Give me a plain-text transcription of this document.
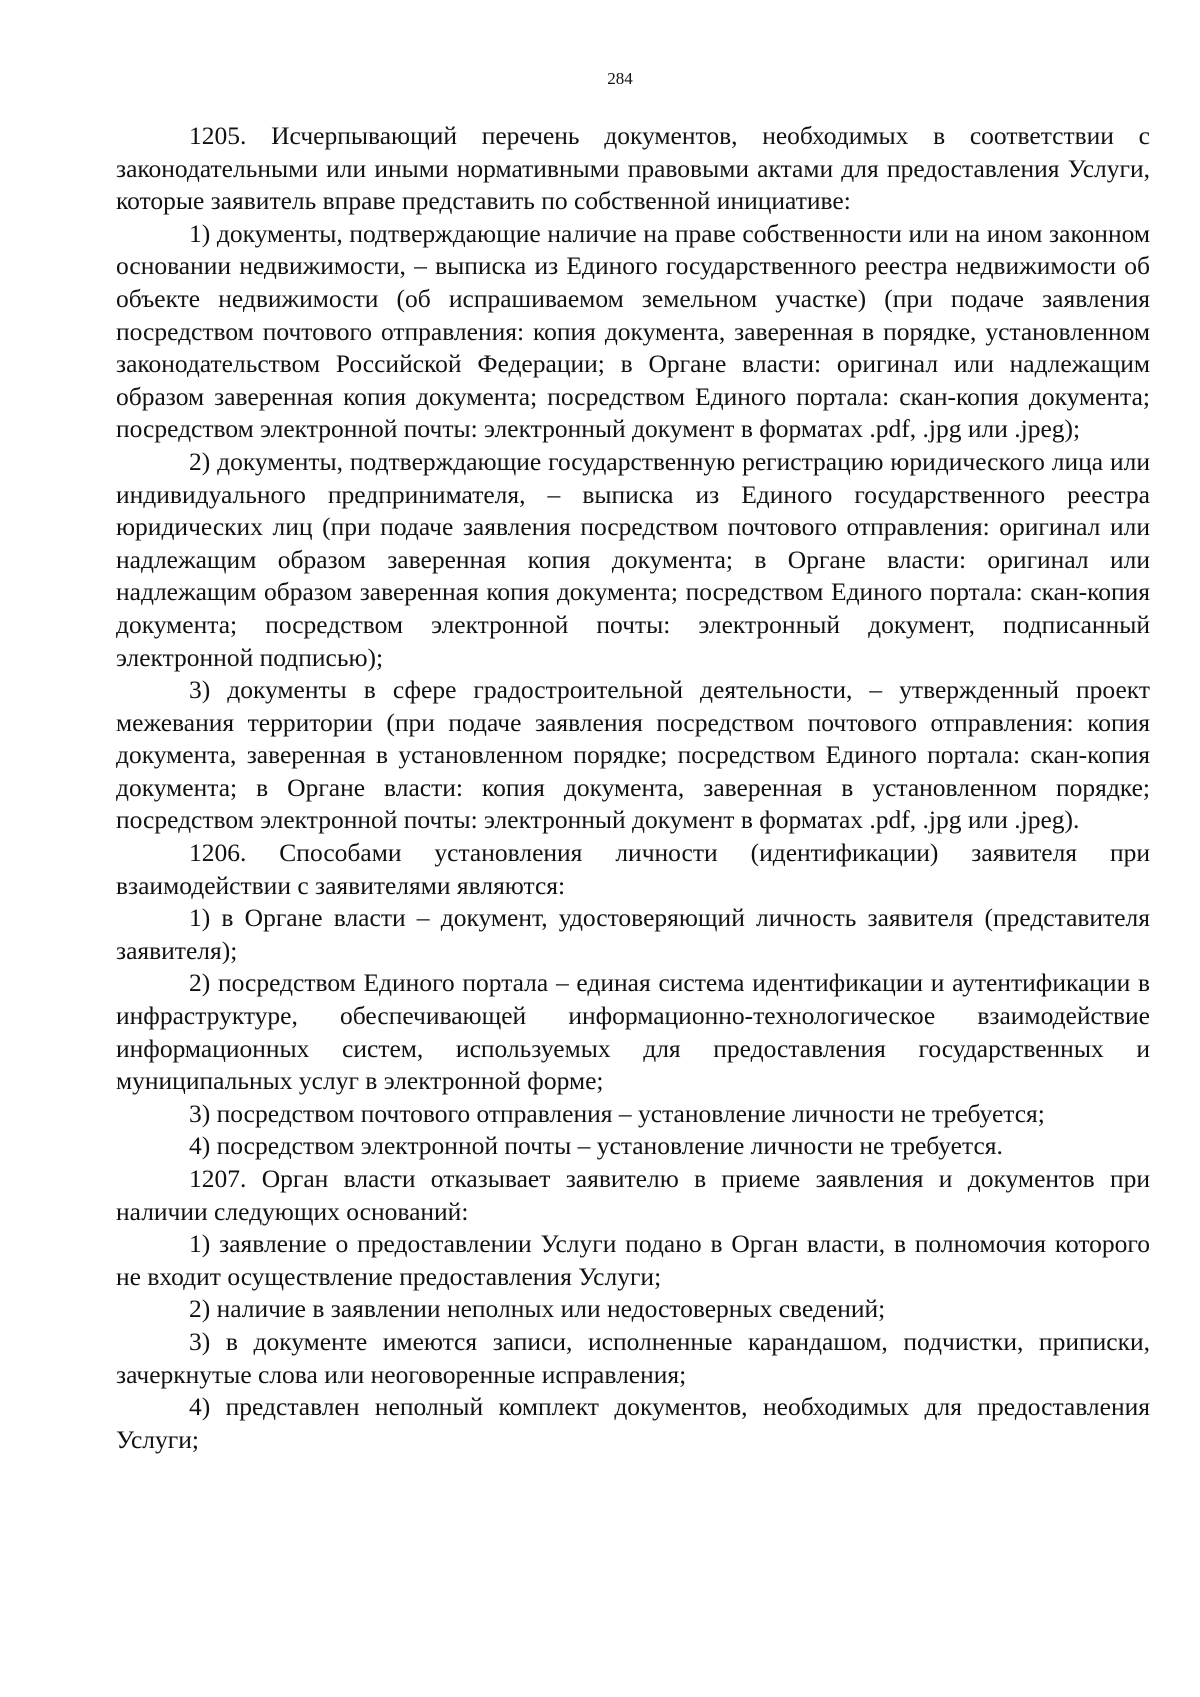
284

1205. Исчерпывающий перечень документов, необходимых в соответствии с законодательными или иными нормативными правовыми актами для предоставления Услуги, которые заявитель вправе представить по собственной инициативе:

1) документы, подтверждающие наличие на праве собственности или на ином законном основании недвижимости, – выписка из Единого государственного реестра недвижимости об объекте недвижимости (об испрашиваемом земельном участке) (при подаче заявления посредством почтового отправления: копия документа, заверенная в порядке, установленном законодательством Российской Федерации; в Органе власти: оригинал или надлежащим образом заверенная копия документа; посредством Единого портала: скан-копия документа; посредством электронной почты: электронный документ в форматах .pdf, .jpg или .jpeg);

2) документы, подтверждающие государственную регистрацию юридического лица или индивидуального предпринимателя, – выписка из Единого государственного реестра юридических лиц (при подаче заявления посредством почтового отправления: оригинал или надлежащим образом заверенная копия документа; в Органе власти: оригинал или надлежащим образом заверенная копия документа; посредством Единого портала: скан-копия документа; посредством электронной почты: электронный документ, подписанный электронной подписью);

3) документы в сфере градостроительной деятельности, – утвержденный проект межевания территории (при подаче заявления посредством почтового отправления: копия документа, заверенная в установленном порядке; посредством Единого портала: скан-копия документа; в Органе власти: копия документа, заверенная в установленном порядке; посредством электронной почты: электронный документ в форматах .pdf, .jpg или .jpeg).

1206. Способами установления личности (идентификации) заявителя при взаимодействии с заявителями являются:

1) в Органе власти – документ, удостоверяющий личность заявителя (представителя заявителя);

2) посредством Единого портала – единая система идентификации и аутентификации в инфраструктуре, обеспечивающей информационно-технологическое взаимодействие информационных систем, используемых для предоставления государственных и муниципальных услуг в электронной форме;

3) посредством почтового отправления – установление личности не требуется;

4) посредством электронной почты – установление личности не требуется.

1207. Орган власти отказывает заявителю в приеме заявления и документов при наличии следующих оснований:

1) заявление о предоставлении Услуги подано в Орган власти, в полномочия которого не входит осуществление предоставления Услуги;

2) наличие в заявлении неполных или недостоверных сведений;

3) в документе имеются записи, исполненные карандашом, подчистки, приписки, зачеркнутые слова или неоговоренные исправления;

4) представлен неполный комплект документов, необходимых для предоставления Услуги;
